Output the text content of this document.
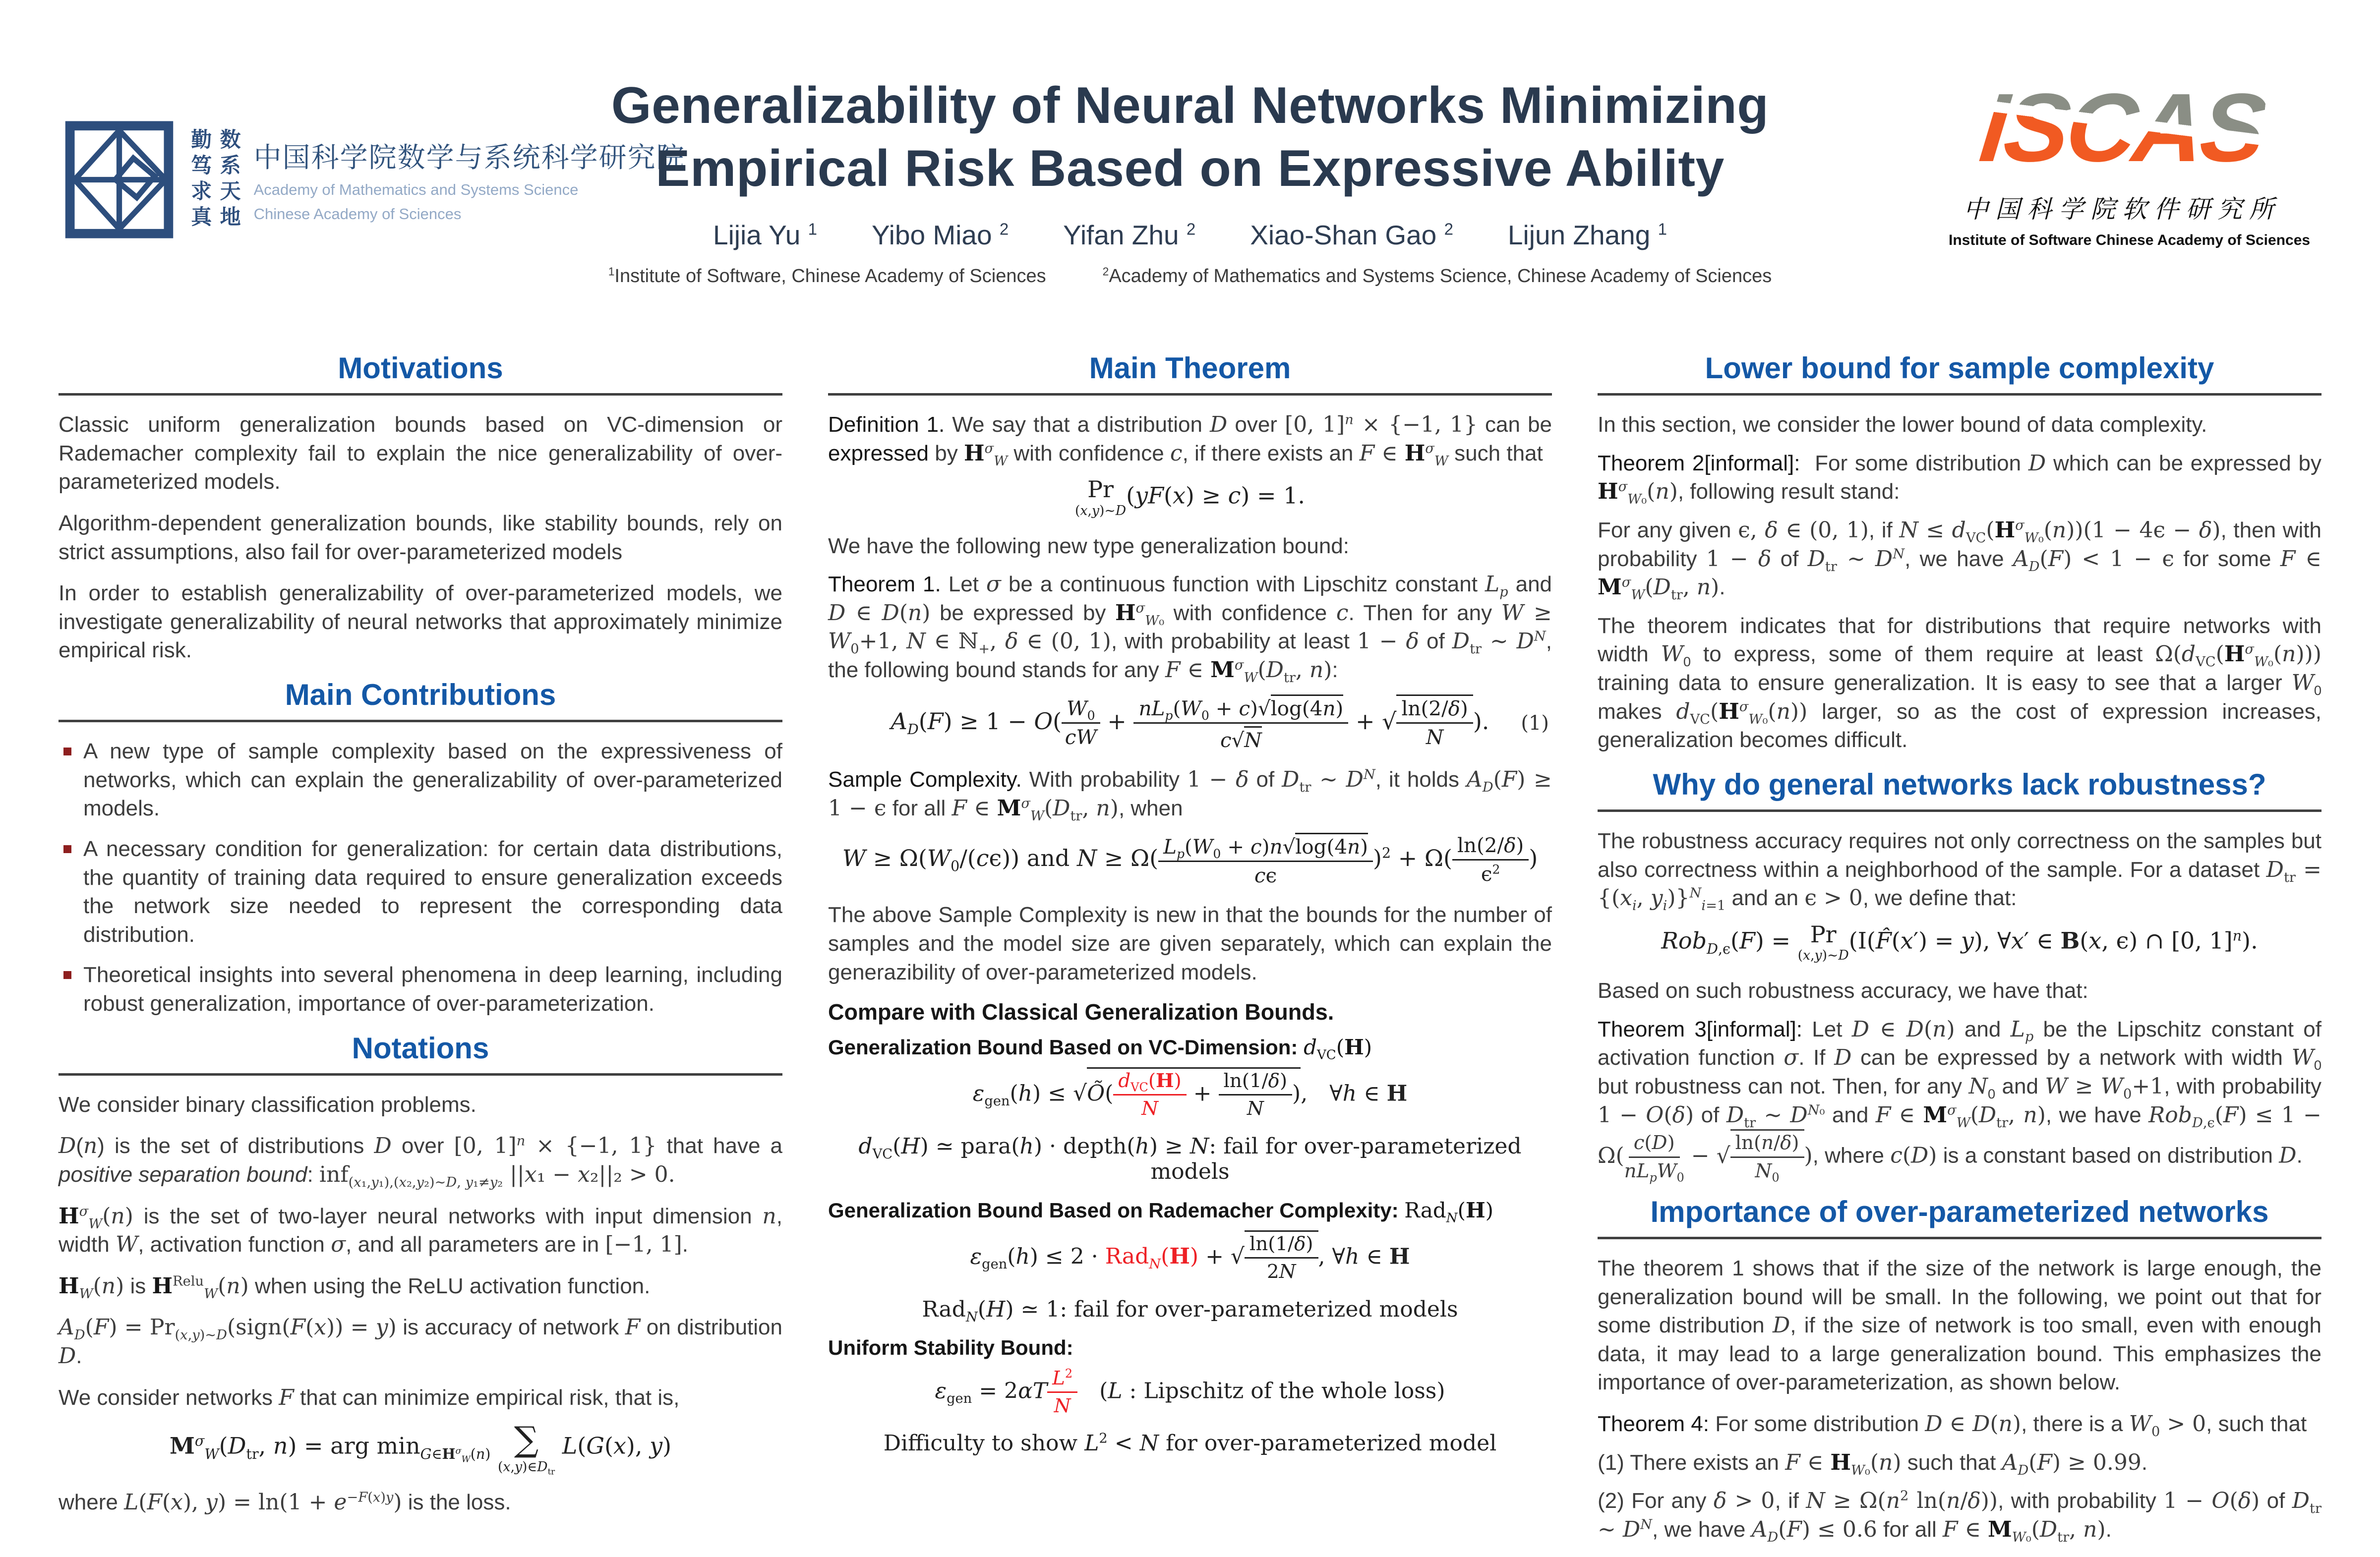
勤笃求真 数系天地 中国科学院数学与系统科学研究院
Academy of Mathematics and Systems Science
Chinese Academy of Sciences
Generalizability of Neural Networks Minimizing
Empirical Risk Based on Expressive Ability
Lijia Yu $^1$  Yibo Miao $^2$  Yifan Zhu $^2$  Xiao-Shan Gao $^2$  Lijun Zhang $^1$
$^1$Institute of Software, Chinese Academy of Sciences   $^2$Academy of Mathematics and Systems Science, Chinese Academy of Sciences
ISCAS
中国科学院软件研究所
Institute of Software Chinese Academy of Sciences
Motivations

Classic uniform generalization bounds based on VC-dimension or Rademacher complexity fail to explain the nice generalizability of over-parameterized models.

Algorithm-dependent generalization bounds, like stability bounds, rely on strict assumptions, also fail for over-parameterized models

In order to establish generalizability of over-parameterized models, we investigate generalizability of neural networks that approximately minimize empirical risk.

Main Contributions
A new type of sample complexity based on the expressiveness of networks, which can explain the generalizability of over-parameterized models.
A necessary condition for generalization: for certain data distributions, the quantity of training data required to ensure generalization exceeds the network size needed to represent the corresponding data distribution.
Theoretical insights into several phenomena in deep learning, including robust generalization, importance of over-parameterization.
Notations

We consider binary classification problems.

D(n) is the set of distributions D over [0, 1]$^n$ × {−1, 1} that have a positive separation bound: inf$_{(x_1,y_1),(x_2,y_2)\sim D, y_1\ne y_2}$ ||x₁ − x₂||₂ > 0.

$H^\sigma_W(n)$ is the set of two-layer neural networks with input dimension n, width W, activation function σ, and all parameters are in [−1, 1].

$H_W(n)$ is $H^{Relu}_W(n)$ when using the ReLU activation function.

$A_D(F)$ = $Pr_{(x,y)\sim D}(sign(F(x)) = y)$ is accuracy of network F on distribution D.

We consider networks F that can minimize empirical risk, that is,

$M^\sigma_W(D_{tr}$, n) = arg $\min_{G\in H^\sigma_W(n)}$ ∑
$(x,y)\in D_{tr}$
L(G(x), y)

where L(F(x), $y) = \ln(1 + e^{-F(x)y})$ is the loss.

Main Theorem

Definition 1. We say that a distribution D over [0, 1]$^n$ × {−1, 1} can be expressed by $H^\sigma_W$ with confidence c, if there exists an F ∈ $H^\sigma_W$ such that

Pr
(x,y)∼D
(yF(x) ≥ c) = 1.

We have the following new type generalization bound:

Theorem 1. Let σ be a continuous function with Lipschitz constant $L_p$ and D ∈ D(n) be expressed by $H^\sigma_{W_0}$ with confidence c. Then for any $W \ge W_0+1$, N ∈ ℕ$_+$, δ ∈ (0, 1), with probability at least 1 − δ of $D_{tr}$ ∼ $D^N$, the following bound stands for any F ∈ $M^\sigma_W(D_{tr}$, n):

$A_D(F) \ge 1 - O( \frac{W_0}{cW} + \frac{nL_p(W_0 + c)√\log(4n)}{c√N}$ + √ $\frac{\ln(2/\delta)}{N}$ ).	(1)

Sample Complexity. With probability 1 − δ of $D_{tr}$ ∼ $D^N$, it holds $A_D(F) \ge 1 - \epsilon$ for all F ∈ $M^\sigma_W(D_{tr}$, n), when

$W \ge \Omega(W_0/(c\epsilon))$ and $N \ge \Omega( \frac{L_p(W_0 + c)n√\log(4n)}{c\epsilon} )^2 + \Omega( \frac{\ln(2/\delta)}{\epsilon^2}$ )

The above Sample Complexity is new in that the bounds for the number of samples and the model size are given separately, which can explain the generazibility of over-parameterized models.

Compare with Classical Generalization Bounds.
Generalization Bound Based on VC-Dimension: $d_{VC}(H)$
$\varepsilon_{gen}(h)$ ≤ √Õ( $\frac{d_{VC}(H)}{N} + \frac{\ln(1/\delta)}{N}$ ), ∀h ∈ H
$d_{VC}(H)$ ≃ para(h) · depth(h) ≥ N: fail for over-parameterized models
Generalization Bound Based on Rademacher Complexity: Rad$_N$(H)
$\varepsilon_{gen}(h) \le 2 \cdot Rad_N(H)$ + √ $\frac{\ln(1/\delta)}{2N}$ , ∀h ∈ H
Rad$_N$(H) ≃ 1: fail for over-parameterized models
Uniform Stability Bound:
$\varepsilon_{gen} = 2\alpha T \frac{L^2}{N}$  (L : Lipschitz of the whole loss)
Difficulty to show $L^2 < N$ for over-parameterized model
Lower bound for sample complexity

In this section, we consider the lower bound of data complexity.

Theorem 2[informal]:  For some distribution D which can be expressed by $H^\sigma_{W_0}(n)$, following result stand:

For any given ϵ, δ ∈ (0, 1), if $N \le d_{VC}(H^\sigma_{W_0}(n))(1 - 4\epsilon - \delta)$, then with probability 1 − δ of $D_{tr}$ ∼ $D^N$, we have $A_D(F) < 1 - \epsilon$ for some F ∈ $M^\sigma_W(D_{tr}$, n).

The theorem indicates that for distributions that require networks with width $W_0$ to express, some of them require at least $\Omega(d_{VC}(H^\sigma_{W_0}(n)))$ training data to ensure generalization. It is easy to see that a larger $W_0$ makes $d_{VC}(H^\sigma_{W_0}(n))$ larger, so as the cost of expression increases, generalization becomes difficult.

Why do general networks lack robustness?

The robustness accuracy requires not only correctness on the samples but also correctness within a neighborhood of the sample. For a dataset $D_{tr} = \{(x_i$, $y_i)\}^N_{i=1}$ and an ϵ > 0, we define that:

Rob$_{D,\epsilon}$(F) = Pr
(x,y)∼D
(I(F̂(x′) = y), ∀x′ ∈ B(x, ϵ) ∩ [0, 1]$^n$).

Based on such robustness accuracy, we have that:

Theorem 3[informal]: Let D ∈ D(n) and $L_p$ be the Lipschitz constant of activation function σ. If D can be expressed by a network with width $W_0$ but robustness can not. Then, for any $N_0$ and $W \ge W_0+1$, with probability 1 − O(δ) of $D_{tr}$ ∼ $D^{N_0}$ and F ∈ $M^\sigma_W(D_{tr}$, n), we have $Rob_{D,\epsilon}(F) \le 1 - \Omega( \frac{c(D)}{nL_pW_0}$ − √ $\frac{\ln(n/\delta)}{N_0}$ ), where c(D) is a constant based on distribution D.

Importance of over-parameterized networks

The theorem 1 shows that if the size of the network is large enough, the generalization bound will be small. In the following, we point out that for some distribution D, if the size of network is too small, even with enough data, it may lead to a large generalization bound. This emphasizes the importance of over-parameterization, as shown below.

Theorem 4: For some distribution D ∈ D(n), there is a $W_0 > 0$, such that

(1) There exists an F ∈ $H_{W_0}(n)$ such that $A_D(F) \ge 0.99$.

(2) For any δ > 0, if $N \ge \Omega(n^2$ ln(n/δ)), with probability 1 − O(δ) of $D_{tr}$ ∼ $D^N$, we have $A_D(F) \le 0.6$ for all F ∈ $M_{W_0}(D_{tr}$, n).
